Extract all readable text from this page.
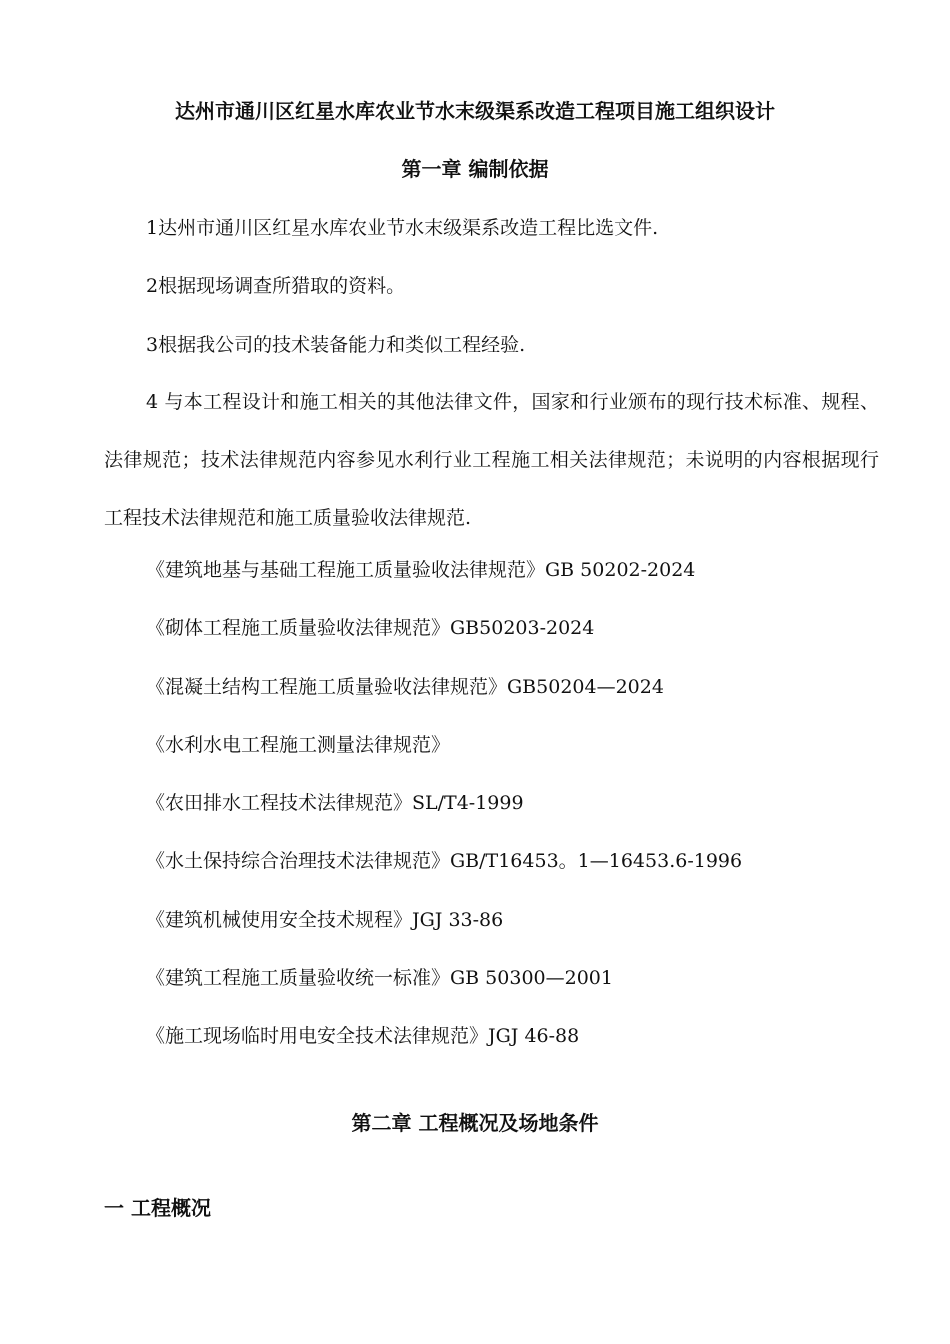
达州市通川区红星水库农业节水末级渠系改造工程项目施工组织设计
第一章 编制依据
1达州市通川区红星水库农业节水末级渠系改造工程比选文件.
2根据现场调查所猎取的资料。
3根据我公司的技术装备能力和类似工程经验.
4 与本工程设计和施工相关的其他法律文件，国家和行业颁布的现行技术标准、规程、法律规范；技术法律规范内容参见水利行业工程施工相关法律规范；未说明的内容根据现行工程技术法律规范和施工质量验收法律规范.
《建筑地基与基础工程施工质量验收法律规范》GB 50202-2024
《砌体工程施工质量验收法律规范》GB50203-2024
《混凝土结构工程施工质量验收法律规范》GB50204—2024
《水利水电工程施工测量法律规范》
《农田排水工程技术法律规范》SL/T4-1999
《水土保持综合治理技术法律规范》GB/T16453。1—16453.6-1996
《建筑机械使用安全技术规程》JGJ 33-86
《建筑工程施工质量验收统一标准》GB 50300—2001
《施工现场临时用电安全技术法律规范》JGJ 46-88
第二章 工程概况及场地条件
一 工程概况
